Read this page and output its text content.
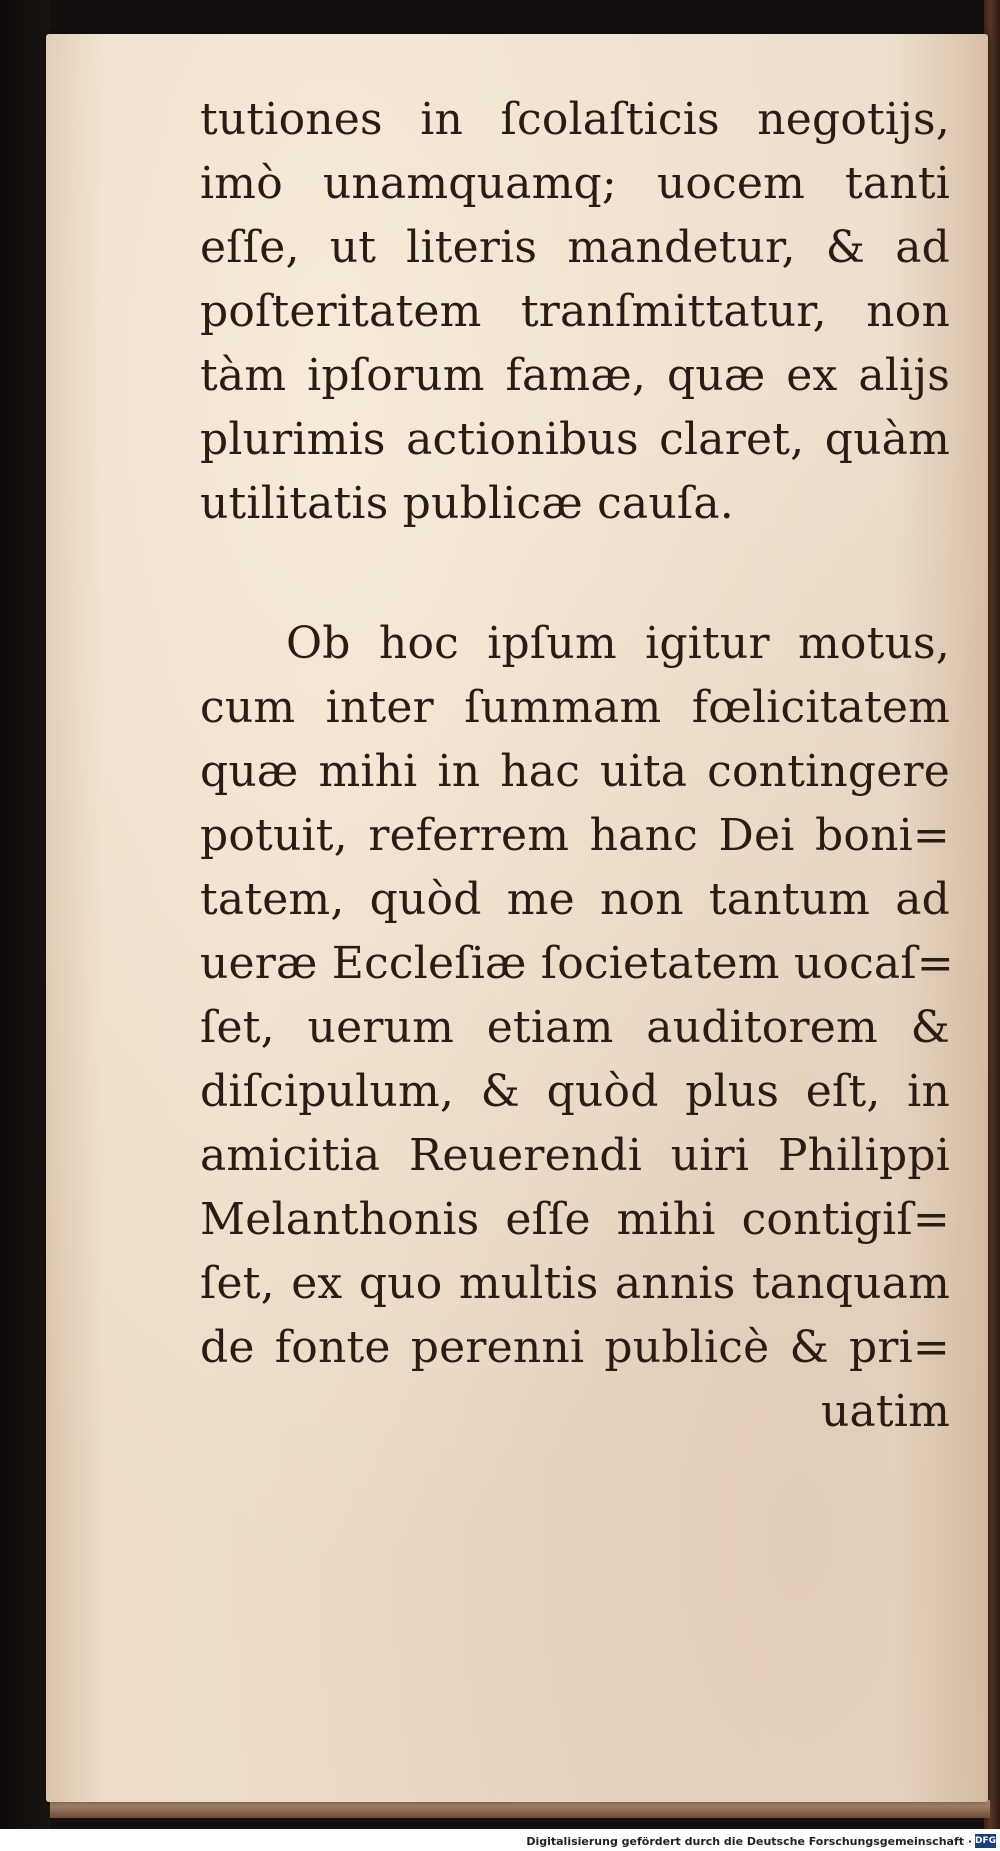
tutiones in ſcolaſticis negotijs,
imò unamquamq; uocem tanti
eſſe, ut literis mandetur, & ad
poſteritatem tranſmittatur, non
tàm ipſorum famæ, quæ ex alijs
plurimis actionibus claret, quàm
utilitatis publicæ cauſa.
Ob hoc ipſum igitur motus,
cum inter ſummam fœlicitatem
quæ mihi in hac uita contingere
potuit, referrem hanc Dei boni=
tatem, quòd me non tantum ad
ueræ Eccleſiæ ſocietatem uocaſ=
ſet, uerum etiam auditorem &
diſcipulum, & quòd plus eſt, in
amicitia Reuerendi uiri Philippi
Melanthonis eſſe mihi contigiſ=
ſet, ex quo multis annis tanquam
de fonte perenni publicè & pri=
uatim
Digitalisierung gefördert durch die Deutsche Forschungsgemeinschaft · DFG
